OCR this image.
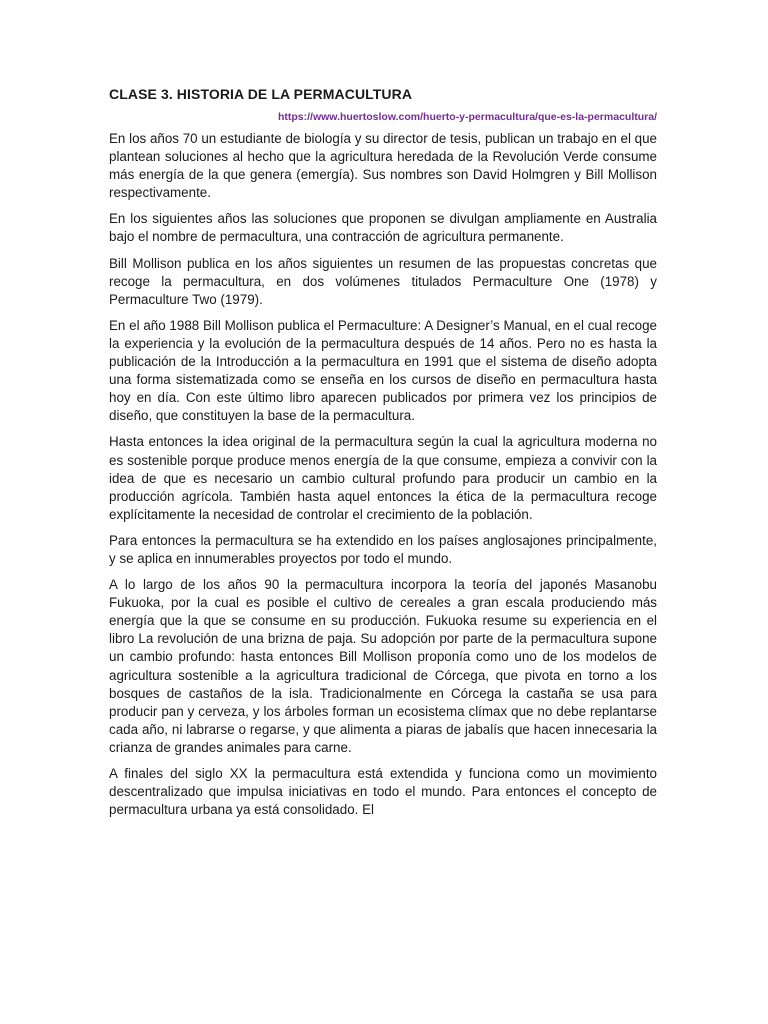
CLASE 3. HISTORIA DE LA PERMACULTURA
https://www.huertoslow.com/huerto-y-permacultura/que-es-la-permacultura/

En los años 70 un estudiante de biología y su director de tesis, publican un trabajo en el que plantean soluciones al hecho que la agricultura heredada de la Revolución Verde consume más energía de la que genera (emergía). Sus nombres son David Holmgren y Bill Mollison respectivamente.

En los siguientes años las soluciones que proponen se divulgan ampliamente en Australia bajo el nombre de permacultura, una contracción de agricultura permanente.

Bill Mollison publica en los años siguientes un resumen de las propuestas concretas que recoge la permacultura, en dos volúmenes titulados Permaculture One (1978) y Permaculture Two (1979).

En el año 1988 Bill Mollison publica el Permaculture: A Designer’s Manual, en el cual recoge la experiencia y la evolución de la permacultura después de 14 años. Pero no es hasta la publicación de la Introducción a la permacultura en 1991 que el sistema de diseño adopta una forma sistematizada como se enseña en los cursos de diseño en permacultura hasta hoy en día. Con este último libro aparecen publicados por primera vez los principios de diseño, que constituyen la base de la permacultura.

Hasta entonces la idea original de la permacultura según la cual la agricultura moderna no es sostenible porque produce menos energía de la que consume, empieza a convivir con la idea de que es necesario un cambio cultural profundo para producir un cambio en la producción agrícola. También hasta aquel entonces la ética de la permacultura recoge explícitamente la necesidad de controlar el crecimiento de la población.

Para entonces la permacultura se ha extendido en los países anglosajones principalmente, y se aplica en innumerables proyectos por todo el mundo.

A lo largo de los años 90 la permacultura incorpora la teoría del japonés Masanobu Fukuoka, por la cual es posible el cultivo de cereales a gran escala produciendo más energía que la que se consume en su producción. Fukuoka resume su experiencia en el libro La revolución de una brizna de paja. Su adopción por parte de la permacultura supone un cambio profundo: hasta entonces Bill Mollison proponía como uno de los modelos de agricultura sostenible a la agricultura tradicional de Córcega, que pivota en torno a los bosques de castaños de la isla. Tradicionalmente en Córcega la castaña se usa para producir pan y cerveza, y los árboles forman un ecosistema clímax que no debe replantarse cada año, ni labrarse o regarse, y que alimenta a piaras de jabalís que hacen innecesaria la crianza de grandes animales para carne.

A finales del siglo XX la permacultura está extendida y funciona como un movimiento descentralizado que impulsa iniciativas en todo el mundo. Para entonces el concepto de permacultura urbana ya está consolidado. El
